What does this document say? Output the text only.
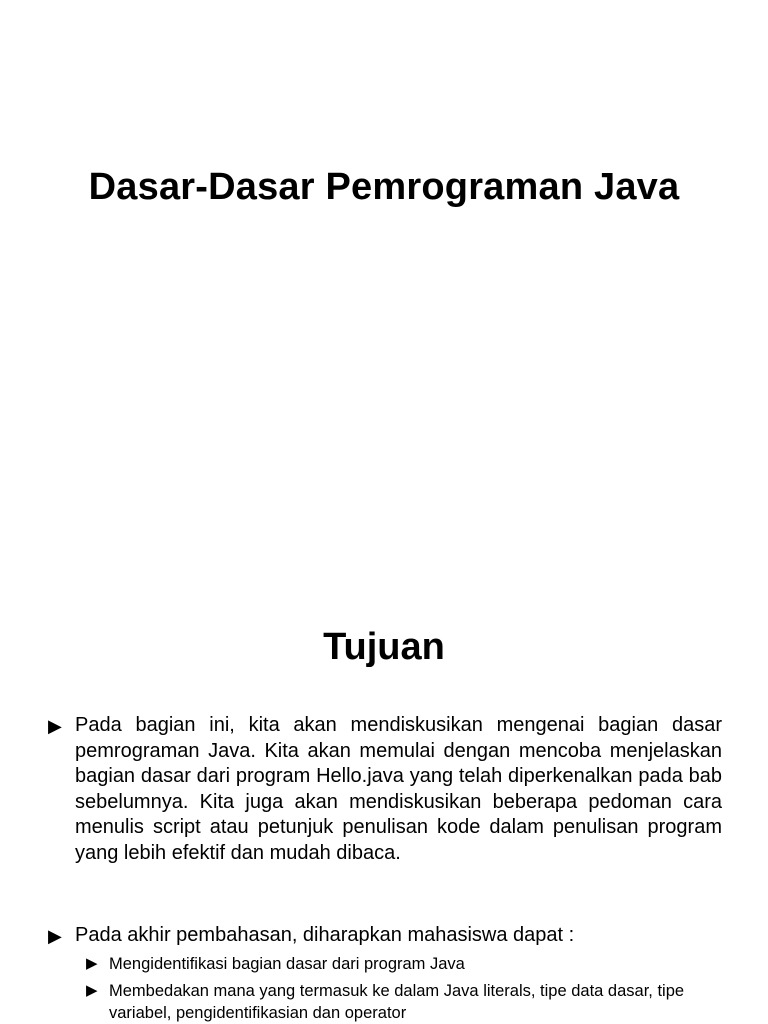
Dasar-Dasar Pemrograman Java
Tujuan
▶ Pada bagian ini, kita akan mendiskusikan mengenai bagian dasar pemrograman Java. Kita akan memulai dengan mencoba menjelaskan bagian dasar dari program Hello.java yang telah diperkenalkan pada bab sebelumnya. Kita juga akan mendiskusikan beberapa pedoman cara menulis script atau petunjuk penulisan kode dalam penulisan program yang lebih efektif dan mudah dibaca.
▶ Pada akhir pembahasan, diharapkan mahasiswa dapat :
▶ Mengidentifikasi bagian dasar dari program Java
▶ Membedakan mana yang termasuk ke dalam Java literals, tipe data dasar, tipe variabel, pengidentifikasian dan operator
